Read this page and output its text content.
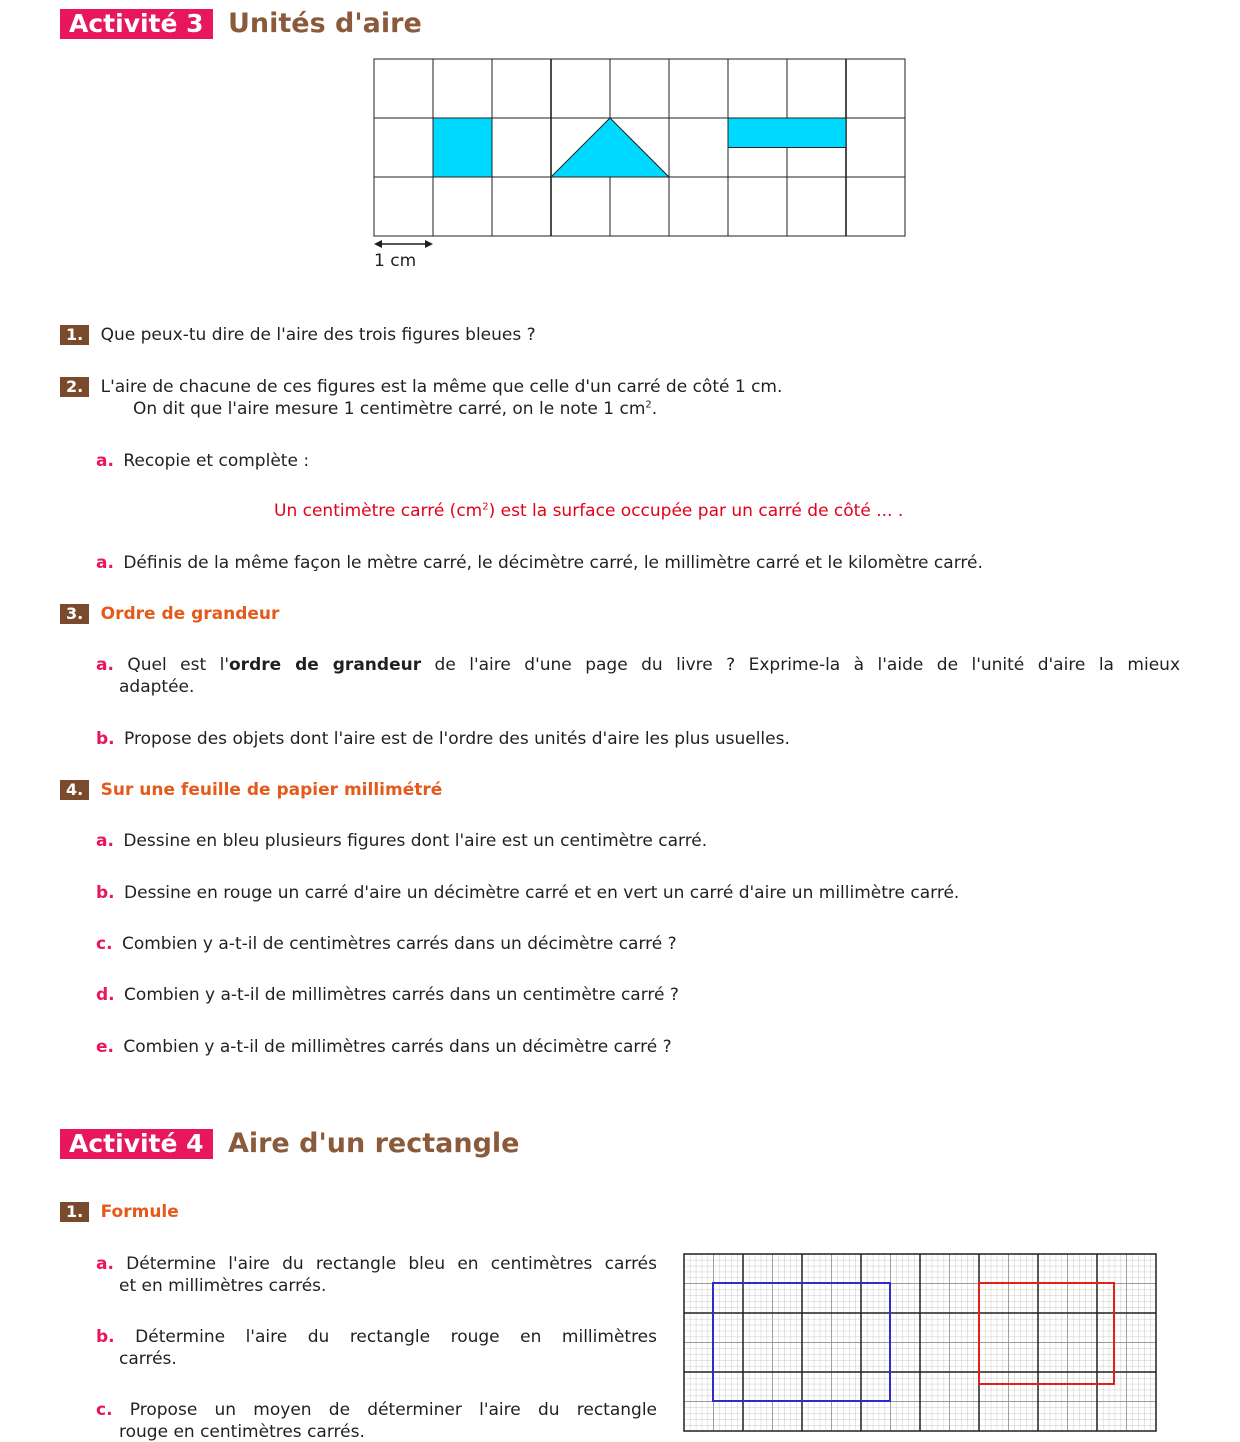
Activité 3 Unités d'aire
1 cm
1. Que peux-tu dire de l'aire des trois figures bleues ?
2. L'aire de chacune de ces figures est la même que celle d'un carré de côté 1 cm.
On dit que l'aire mesure 1 centimètre carré, on le note 1 $cm^2$.
a. Recopie et complète :
Un centimètre carré $(cm^2)$ est la surface occupée par un carré de côté ... .
a. Définis de la même façon le mètre carré, le décimètre carré, le millimètre carré et le kilomètre carré.
3. Ordre de grandeur
a. Quel est l'ordre de grandeur de l'aire d'une page du livre ? Exprime-la à l'aide de l'unité d'aire la mieux
adaptée.
b. Propose des objets dont l'aire est de l'ordre des unités d'aire les plus usuelles.
4. Sur une feuille de papier millimétré
a. Dessine en bleu plusieurs figures dont l'aire est un centimètre carré.
b. Dessine en rouge un carré d'aire un décimètre carré et en vert un carré d'aire un millimètre carré.
c. Combien y a-t-il de centimètres carrés dans un décimètre carré ?
d. Combien y a-t-il de millimètres carrés dans un centimètre carré ?
e. Combien y a-t-il de millimètres carrés dans un décimètre carré ?
Activité 4 Aire d'un rectangle
1. Formule
a. Détermine l'aire du rectangle bleu en centimètres carrés
et en millimètres carrés.
b. Détermine l'aire du rectangle rouge en millimètres
carrés.
c. Propose un moyen de déterminer l'aire du rectangle
rouge en centimètres carrés.
